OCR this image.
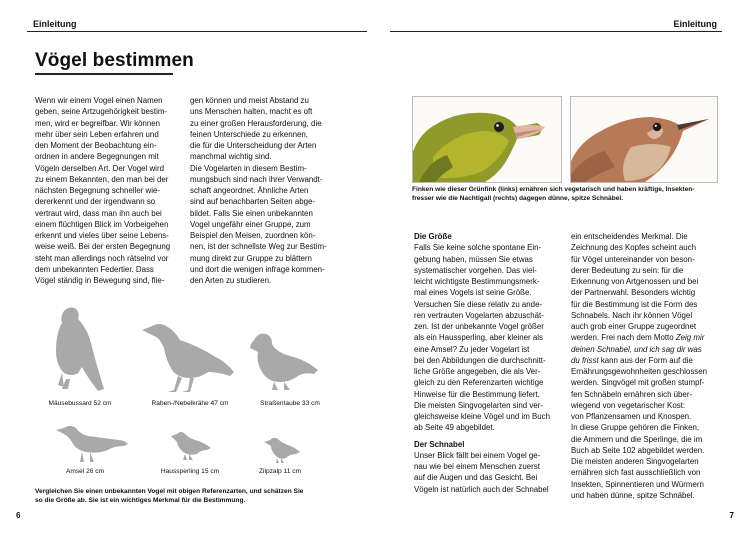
Einleitung	Einleitung
Vögel bestimmen

Wenn wir einem Vogel einen Namen

geben, seine Artzugehörigkeit bestim-

men, wird er begreifbar. Wir können

mehr über sein Leben erfahren und

den Moment der Beobachtung ein-

ordnen in andere Begegnungen mit

Vögeln derselben Art. Der Vogel wird

zu einem Bekannten, den man bei der

nächsten Begegnung schneller wie-

dererkennt und der irgendwann so

vertraut wird, dass man ihn auch bei

einem flüchtigen Blick im Vorbeigehen

erkennt und vieles über seine Lebens-

weise weiß. Bei der ersten Begegnung

steht man allerdings noch rätselnd vor

dem unbekannten Federtier. Dass

Vögel ständig in Bewegung sind, flie-

gen können und meist Abstand zu

uns Menschen halten, macht es oft

zu einer großen Herausforderung, die

feinen Unterschiede zu erkennen,

die für die Unterscheidung der Arten

manchmal wichtig sind.

Die Vogelarten in diesem Bestim-

mungsbuch sind nach ihrer Verwandt-

schaft angeordnet. Ähnliche Arten

sind auf benachbarten Seiten abge-

bildet. Falls Sie einen unbekannten

Vogel ungefähr einer Gruppe, zum

Beispiel den Meisen, zuordnen kön-

nen, ist der schnellste Weg zur Bestim-

mung direkt zur Gruppe zu blättern

und dort die wenigen infrage kommen-

den Arten zu studieren.

Mäusebussard 52 cm	Raben-/Nebelkrähe 47 cm	Straßentaube 33 cm
Amsel 26 cm	Haussperling 15 cm	Zilpzalp 11 cm
Vergleichen Sie einen unbekannten Vogel mit obigen Referenzarten, und schätzen Sie
so die Größe ab. Sie ist ein wichtiges Merkmal für die Bestimmung.
Finken wie dieser Grünfink (links) ernähren sich vegetarisch und haben kräftige, Insekten-
fresser wie die Nachtigall (rechts) dagegen dünne, spitze Schnäbel.

Die Größe

Falls Sie keine solche spontane Ein-

gebung haben, müssen Sie etwas

systematischer vorgehen. Das viel-

leicht wichtigste Bestimmungsmerk-

mal eines Vogels ist seine Größe.

Versuchen Sie diese relativ zu ande-

ren vertrauten Vogelarten abzuschät-

zen. Ist der unbekannte Vogel größer

als ein Haussperling, aber kleiner als

eine Amsel? Zu jeder Vogelart ist

bei den Abbildungen die durchschnitt-

liche Größe angegeben, die als Ver-

gleich zu den Referenzarten wichtige

Hinweise für die Bestimmung liefert.

Die meisten Singvogelarten sind ver-

gleichsweise kleine Vögel und im Buch

ab Seite 49 abgebildet.

Der Schnabel

Unser Blick fällt bei einem Vogel ge-

nau wie bei einem Menschen zuerst

auf die Augen und das Gesicht. Bei

Vögeln ist natürlich auch der Schnabel

ein entscheidendes Merkmal. Die

Zeichnung des Kopfes scheint auch

für Vögel untereinander von beson-

derer Bedeutung zu sein: für die

Erkennung von Artgenossen und bei

der Partnerwahl. Besonders wichtig

für die Bestimmung ist die Form des

Schnabels. Nach ihr können Vögel

auch grob einer Gruppe zugeordnet

werden. Frei nach dem Motto Zeig mir

deinen Schnabel, und ich sag dir was

du frisst kann aus der Form auf die

Ernährungsgewohnheiten geschlossen

werden. Singvögel mit großen stumpf-

fen Schnäbeln ernähren sich über-

wiegend von vegetarischer Kost:

von Pflanzensamen und Knospen.

In diese Gruppe gehören die Finken,

die Ammern und die Sperlinge, die im

Buch ab Seite 102 abgebildet werden.

Die meisten anderen Singvogelarten

ernähren sich fast ausschließlich von

Insekten, Spinnentieren und Würmern

und haben dünne, spitze Schnäbel.

6	7
